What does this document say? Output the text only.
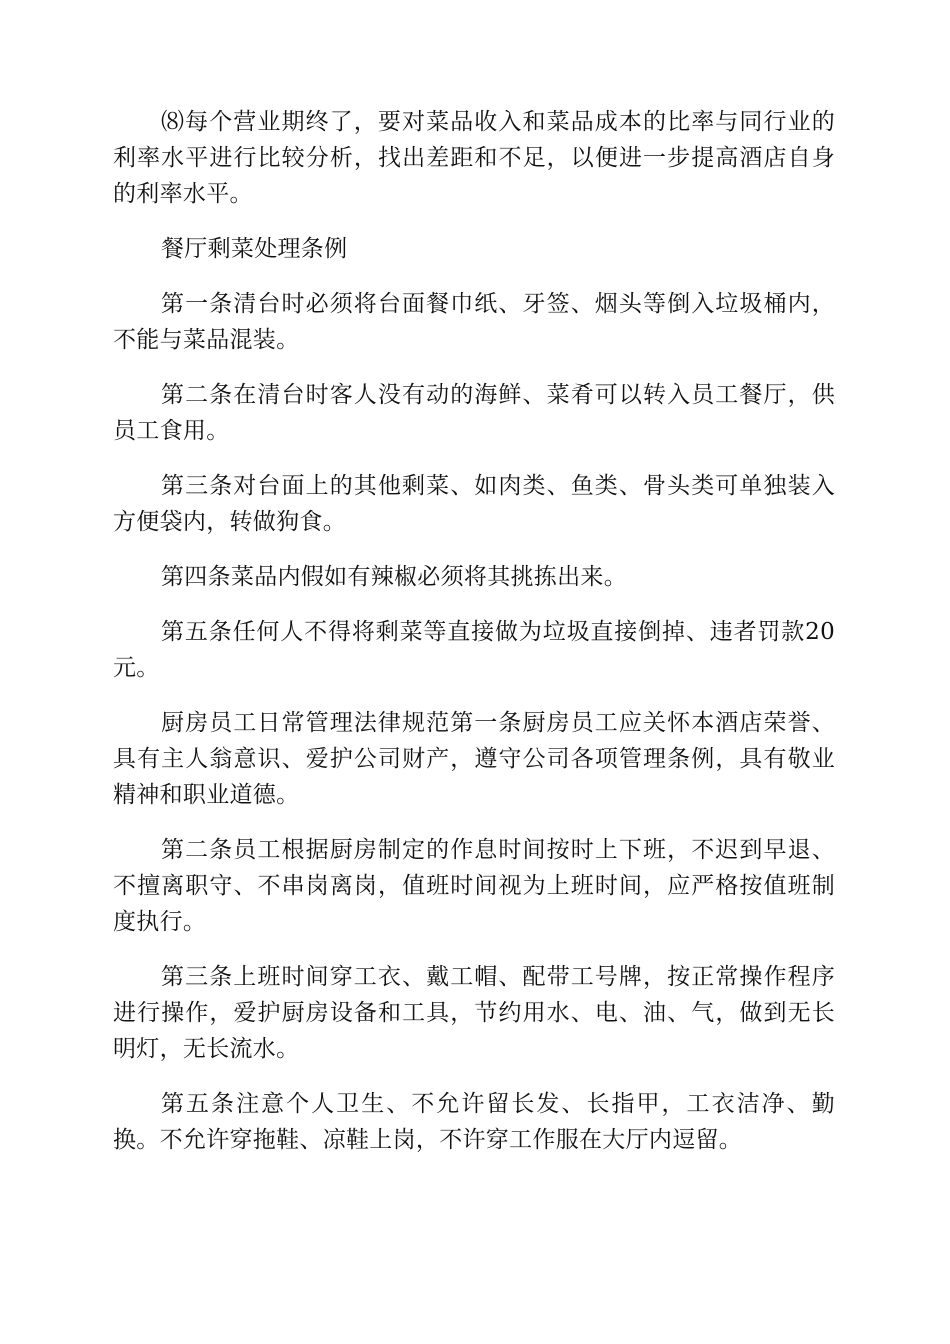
⑻每个营业期终了，要对菜品收入和菜品成本的比率与同行业的利率水平进行比较分析，找出差距和不足，以便进一步提高酒店自身的利率水平。

餐厅剩菜处理条例

第一条清台时必须将台面餐巾纸、牙签、烟头等倒入垃圾桶内，不能与菜品混装。

第二条在清台时客人没有动的海鲜、菜肴可以转入员工餐厅，供员工食用。

第三条对台面上的其他剩菜、如肉类、鱼类、骨头类可单独装入方便袋内，转做狗食。

第四条菜品内假如有辣椒必须将其挑拣出来。

第五条任何人不得将剩菜等直接做为垃圾直接倒掉、违者罚款20元。

厨房员工日常管理法律规范第一条厨房员工应关怀本酒店荣誉、具有主人翁意识、爱护公司财产，遵守公司各项管理条例，具有敬业精神和职业道德。

第二条员工根据厨房制定的作息时间按时上下班，不迟到早退、不擅离职守、不串岗离岗，值班时间视为上班时间，应严格按值班制度执行。

第三条上班时间穿工衣、戴工帽、配带工号牌，按正常操作程序进行操作，爱护厨房设备和工具，节约用水、电、油、气，做到无长明灯，无长流水。

第五条注意个人卫生、不允许留长发、长指甲，工衣洁净、勤换。不允许穿拖鞋、凉鞋上岗，不许穿工作服在大厅内逗留。
